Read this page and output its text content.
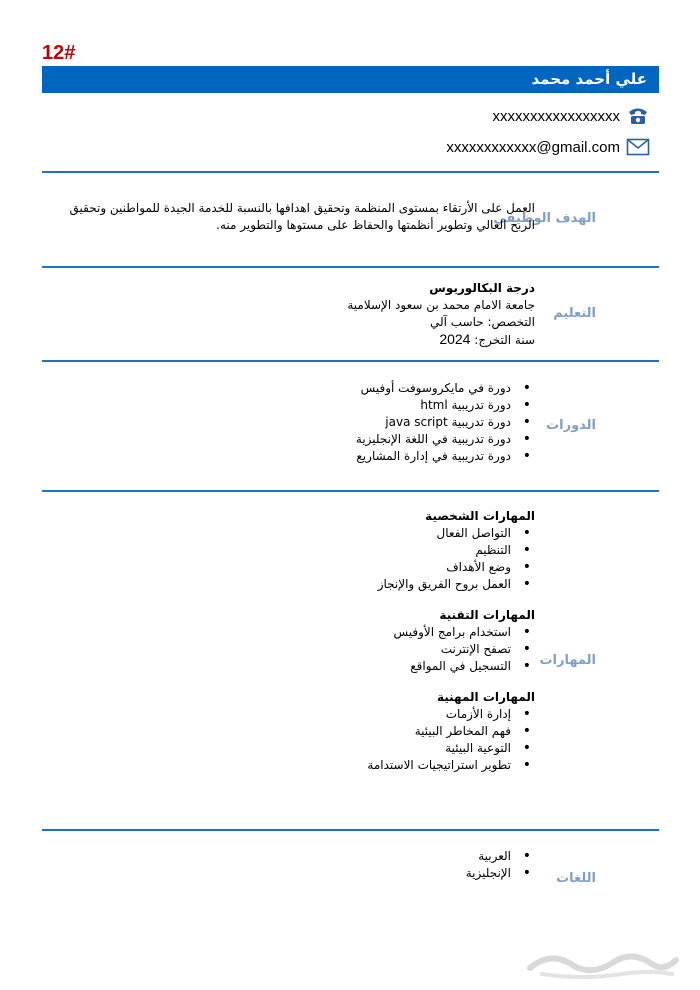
12#
علي أحمد محمد
xxxxxxxxxxxxxxxxx
xxxxxxxxxxxx@gmail.com
الهدف الوظيفي
العمل على الأرتقاء بمستوى المنظمة وتحقيق اهدافها بالنسبة للخدمة الجيدة للمواطنين وتحقيق الربح العالي وتطوير أنظمتها والحفاظ على مستوها والتطوير منه.
التعليم
درجة البكالوريوس
جامعة الامام محمد بن سعود الإسلامية
التخصص: حاسب آلي
سنة التخرج: 2024
الدورات
• دورة في مايكروسوفت أوفيس
• دورة تدريبية html
• دورة تدريبية java script
• دورة تدريبية في اللغة الإنجليزية
• دورة تدريبية في إدارة المشاريع
المهارات
المهارات الشخصية
• التواصل الفعال
• التنظيم
• وضع الأهداف
• العمل بروح الفريق والإنجاز
المهارات التقنية
• استخدام برامج الأوفيس
• تصفح الإنترنت
• التسجيل في المواقع
المهارات المهنية
• إدارة الأزمات
• فهم المخاطر البيئية
• التوعية البيئية
• تطوير استراتيجيات الاستدامة
اللغات
• العربية
• الإنجليزية
